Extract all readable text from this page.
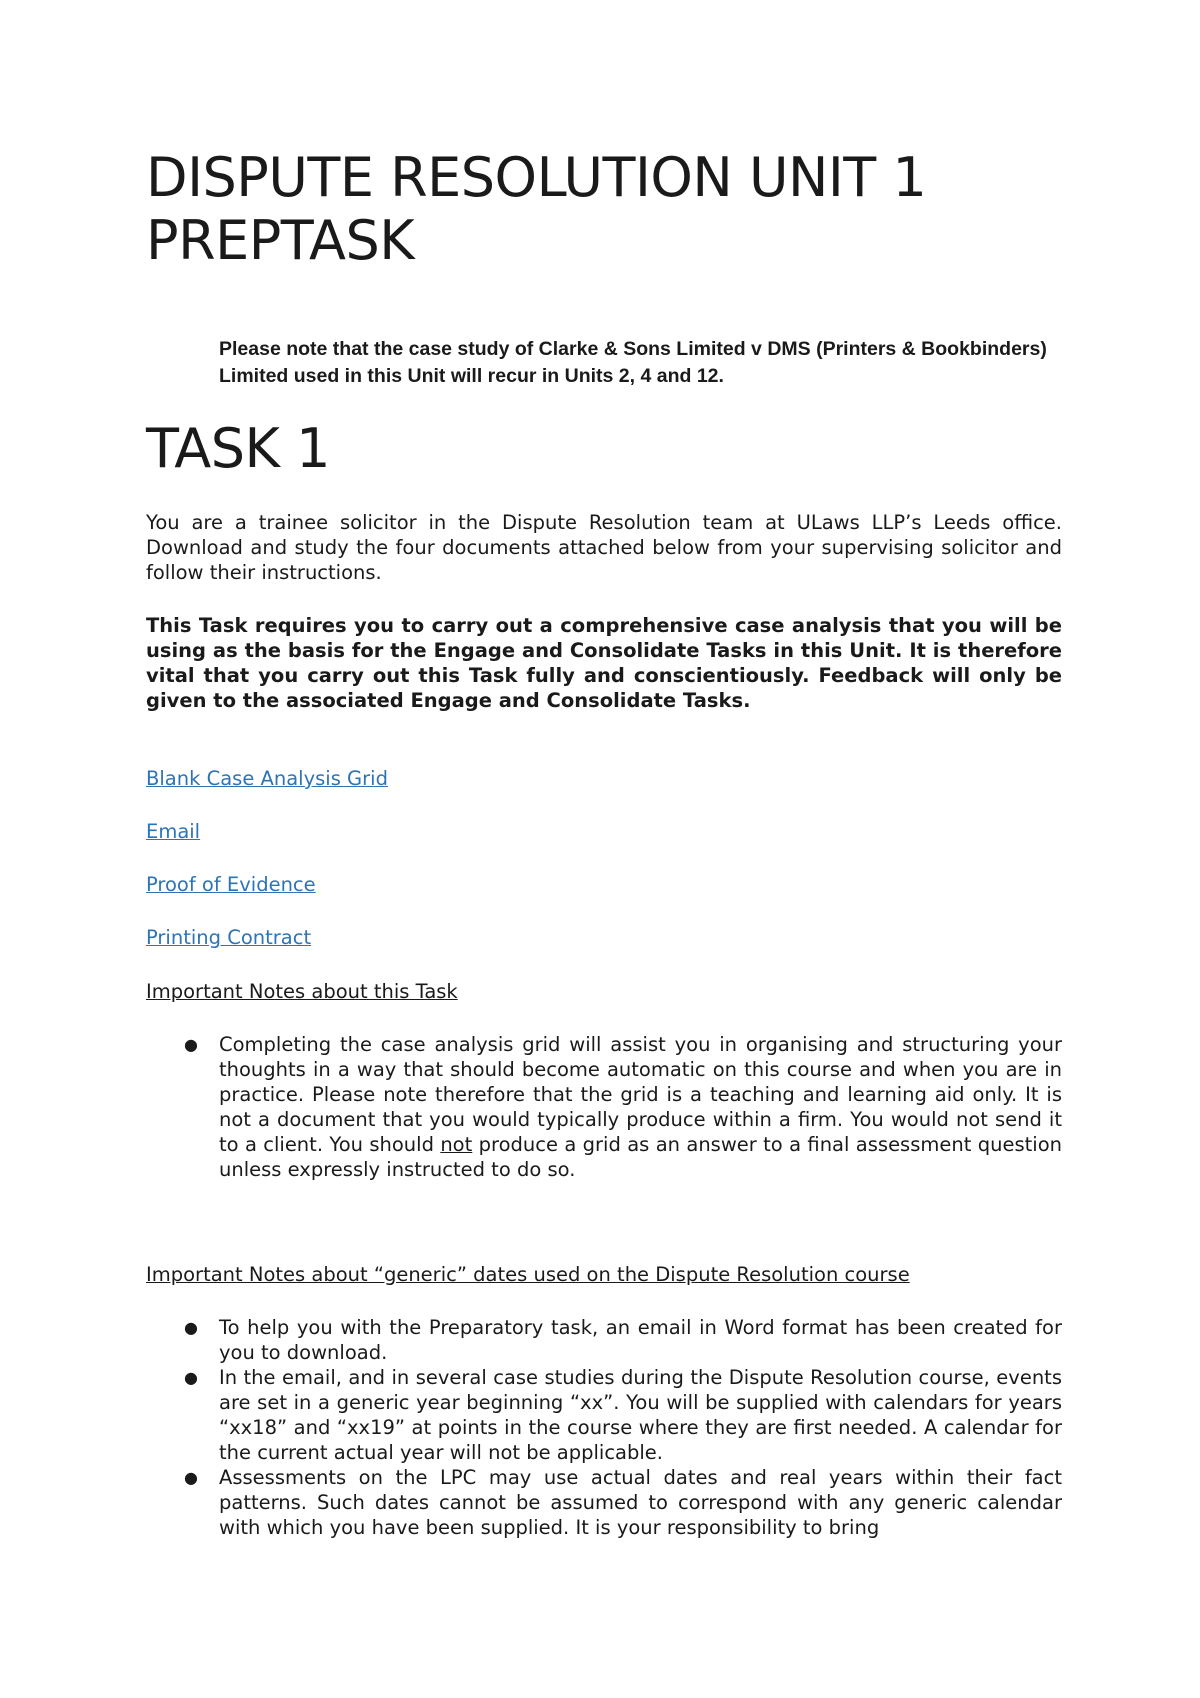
DISPUTE RESOLUTION UNIT 1
PREPTASK

Please note that the case study of Clarke & Sons Limited v DMS (Printers & Bookbinders) Limited used in this Unit will recur in Units 2, 4 and 12.

TASK 1

You are a trainee solicitor in the Dispute Resolution team at ULaws LLP’s Leeds office. Download and study the four documents attached below from your supervising solicitor and follow their instructions.

This Task requires you to carry out a comprehensive case analysis that you will be using as the basis for the Engage and Consolidate Tasks in this Unit. It is therefore vital that you carry out this Task fully and conscientiously. Feedback will only be given to the associated Engage and Consolidate Tasks.

Blank Case Analysis Grid
Email
Proof of Evidence
Printing Contract
Important Notes about this Task
● Completing the case analysis grid will assist you in organising and structuring your thoughts in a way that should become automatic on this course and when you are in practice. Please note therefore that the grid is a teaching and learning aid only. It is not a document that you would typically produce within a firm. You would not send it to a client. You should not produce a grid as an answer to a final assessment question unless expressly instructed to do so.
Important Notes about “generic” dates used on the Dispute Resolution course
● To help you with the Preparatory task, an email in Word format has been created for you to download.
● In the email, and in several case studies during the Dispute Resolution course, events are set in a generic year beginning “xx”. You will be supplied with calendars for years “xx18” and “xx19” at points in the course where they are first needed. A calendar for the current actual year will not be applicable.
● Assessments on the LPC may use actual dates and real years within their fact patterns. Such dates cannot be assumed to correspond with any generic calendar with which you have been supplied. It is your responsibility to bring
